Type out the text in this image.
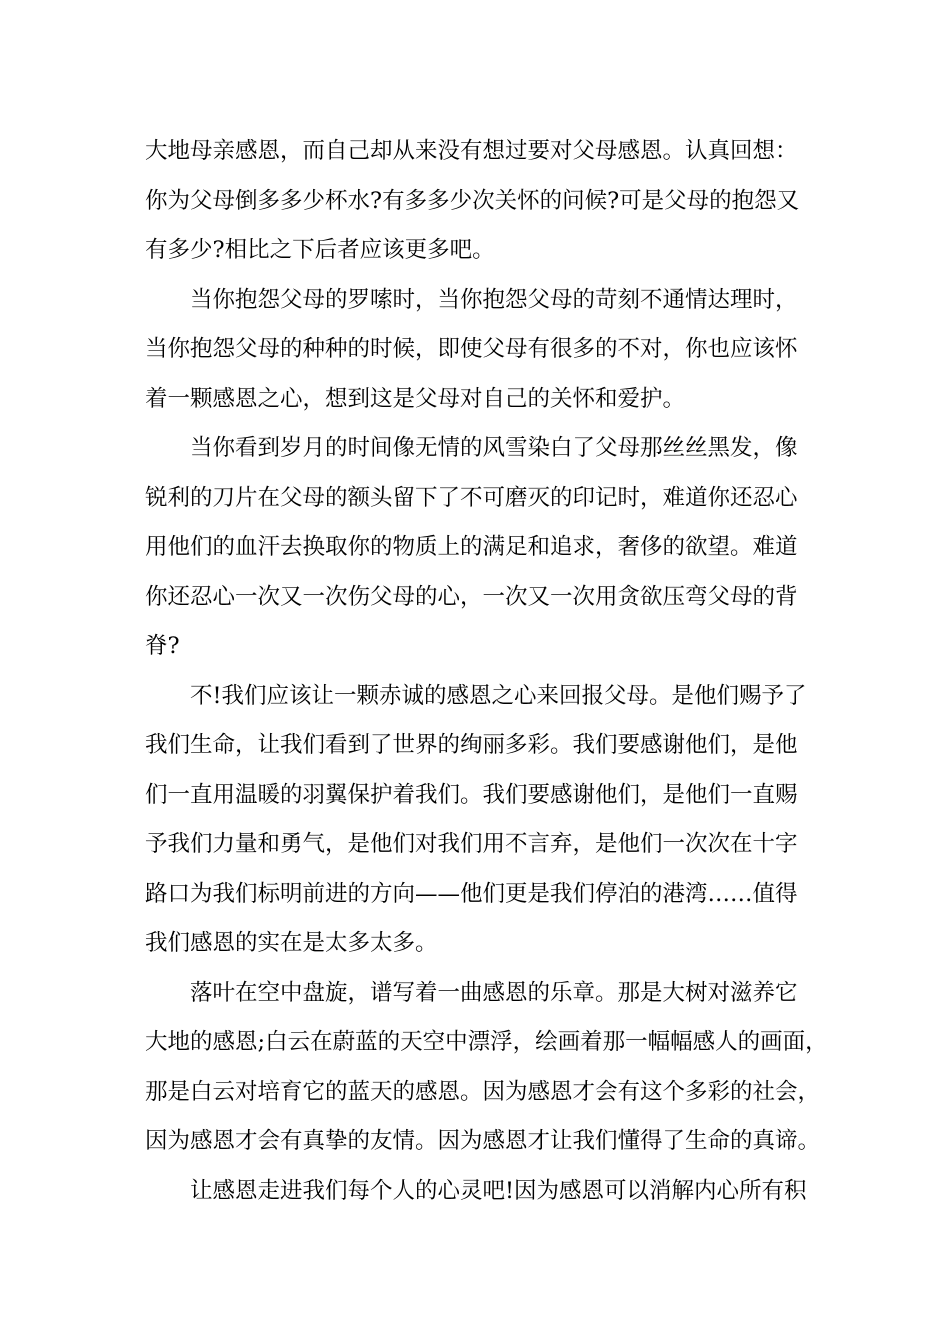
大地母亲感恩，而自己却从来没有想过要对父母感恩。认真回想：
你为父母倒多多少杯水?有多多少次关怀的问候?可是父母的抱怨又
有多少?相比之下后者应该更多吧。
当你抱怨父母的罗嗦时，当你抱怨父母的苛刻不通情达理时，
当你抱怨父母的种种的时候，即使父母有很多的不对，你也应该怀
着一颗感恩之心，想到这是父母对自己的关怀和爱护。
当你看到岁月的时间像无情的风雪染白了父母那丝丝黑发，像
锐利的刀片在父母的额头留下了不可磨灭的印记时，难道你还忍心
用他们的血汗去换取你的物质上的满足和追求，奢侈的欲望。难道
你还忍心一次又一次伤父母的心，一次又一次用贪欲压弯父母的背
脊?
不!我们应该让一颗赤诚的感恩之心来回报父母。是他们赐予了
我们生命，让我们看到了世界的绚丽多彩。我们要感谢他们，是他
们一直用温暖的羽翼保护着我们。我们要感谢他们，是他们一直赐
予我们力量和勇气，是他们对我们用不言弃，是他们一次次在十字
路口为我们标明前进的方向——他们更是我们停泊的港湾……值得
我们感恩的实在是太多太多。
落叶在空中盘旋，谱写着一曲感恩的乐章。那是大树对滋养它
大地的感恩;白云在蔚蓝的天空中漂浮，绘画着那一幅幅感人的画面，
那是白云对培育它的蓝天的感恩。因为感恩才会有这个多彩的社会，
因为感恩才会有真挚的友情。因为感恩才让我们懂得了生命的真谛。
让感恩走进我们每个人的心灵吧!因为感恩可以消解内心所有积
